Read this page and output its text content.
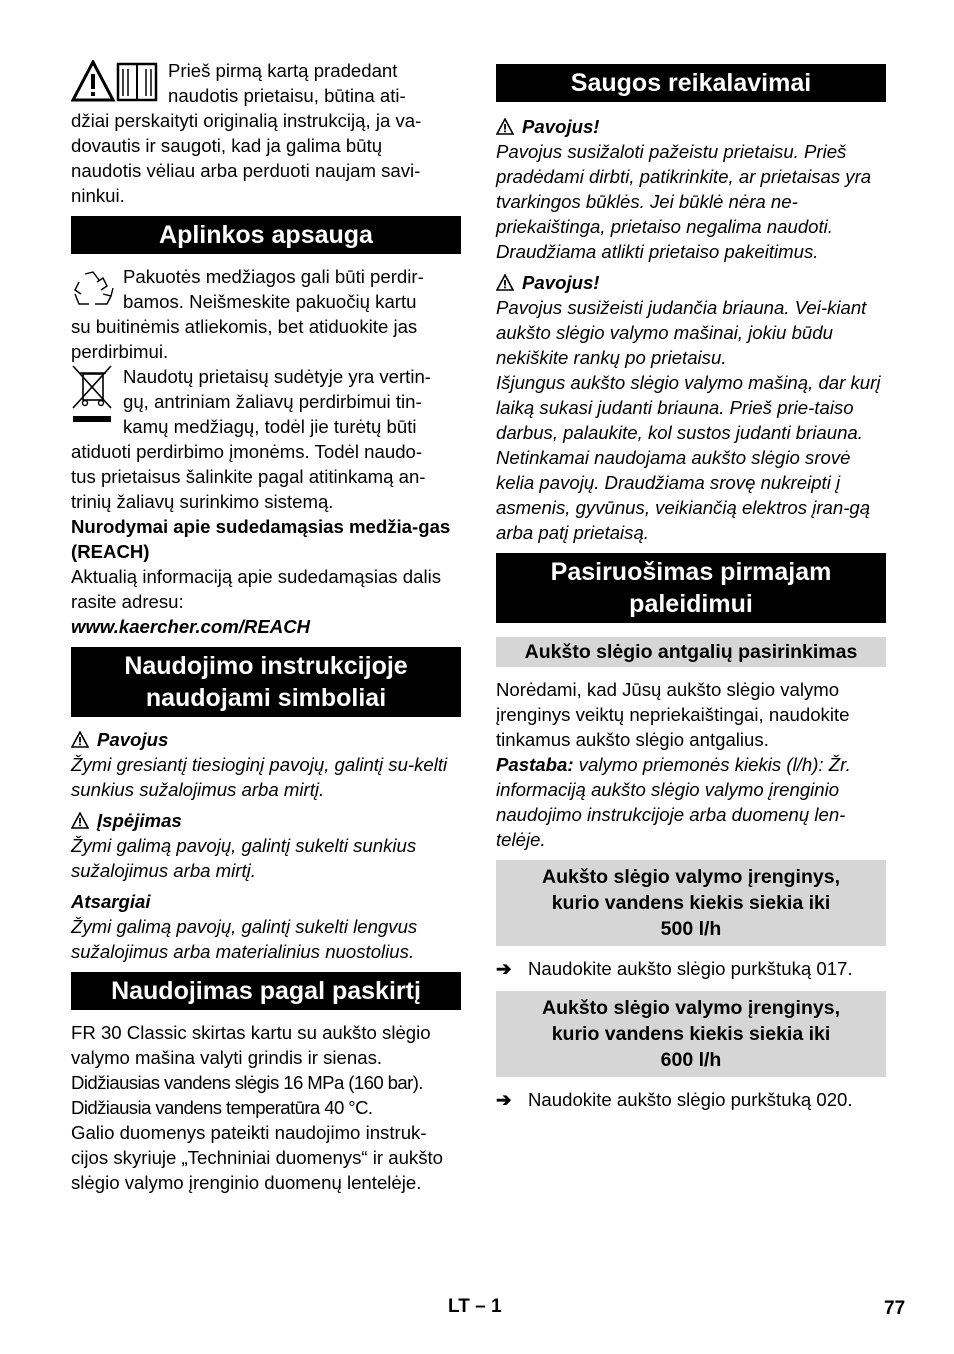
Prieš pirmą kartą pradedant
naudotis prietaisu, būtina ati-
džiai perskaityti originalią instrukciją, ja va-
dovautis ir saugoti, kad ja galima būtų
naudotis vėliau arba perduoti naujam savi-
ninkui.

Aplinkos apsauga

Pakuotės medžiagos gali būti perdir-
bamos. Neišmeskite pakuočių kartu
su buitinėmis atliekomis, bet atiduokite jas
perdirbimui.

Naudotų prietaisų sudėtyje yra vertin-
gų, antriniam žaliavų perdirbimui tin-
kamų medžiagų, todėl jie turėtų būti
atiduoti perdirbimo įmonėms. Todėl naudo-
tus prietaisus šalinkite pagal atitinkamą an-
trinių žaliavų surinkimo sistemą.

Nurodymai apie sudedamąsias medžia-gas (REACH)

Aktualią informaciją apie sudedamąsias dalis rasite adresu:

www.kaercher.com/REACH

Naudojimo instrukcijoje
naudojami simboliai
Pavojus

Žymi gresiantį tiesioginį pavojų, galintį su-kelti sunkius sužalojimus arba mirtį.

Įspėjimas

Žymi galimą pavojų, galintį sukelti sunkius sužalojimus arba mirtį.

Atsargiai

Žymi galimą pavojų, galintį sukelti lengvus sužalojimus arba materialinius nuostolius.

Naudojimas pagal paskirtį

FR 30 Classic skirtas kartu su aukšto slėgio valymo mašina valyti grindis ir sienas.

Didžiausias vandens slėgis 16 MPa (160 bar).

Didžiausia vandens temperatūra 40 °C.

Galio duomenys pateikti naudojimo instruk-cijos skyriuje „Techniniai duomenys“ ir aukšto slėgio valymo įrenginio duomenų lentelėje.

Saugos reikalavimai
Pavojus!

Pavojus susižaloti pažeistu prietaisu. Prieš pradėdami dirbti, patikrinkite, ar prietaisas yra tvarkingos būklės. Jei būklė nėra ne-priekaištinga, prietaiso negalima naudoti. Draudžiama atlikti prietaiso pakeitimus.

Pavojus!

Pavojus susižeisti judančia briauna. Vei-kiant aukšto slėgio valymo mašinai, jokiu būdu nekiškite rankų po prietaisu.

Išjungus aukšto slėgio valymo mašiną, dar kurį laiką sukasi judanti briauna. Prieš prie-taiso darbus, palaukite, kol sustos judanti briauna.

Netinkamai naudojama aukšto slėgio srovė kelia pavojų. Draudžiama srovę nukreipti į asmenis, gyvūnus, veikiančią elektros įran-gą arba patį prietaisą.

Pasiruošimas pirmajam
paleidimui
Aukšto slėgio antgalių pasirinkimas

Norėdami, kad Jūsų aukšto slėgio valymo įrenginys veiktų nepriekaištingai, naudokite tinkamus aukšto slėgio antgalius.

Pastaba: valymo priemonės kiekis (l/h): Žr. informaciją aukšto slėgio valymo įrenginio naudojimo instrukcijoje arba duomenų len-telėje.

Aukšto slėgio valymo įrenginys,
kurio vandens kiekis siekia iki
500 l/h
➔ Naudokite aukšto slėgio purkštuką 017.
Aukšto slėgio valymo įrenginys,
kurio vandens kiekis siekia iki
600 l/h
➔ Naudokite aukšto slėgio purkštuką 020.
LT – 1	77
